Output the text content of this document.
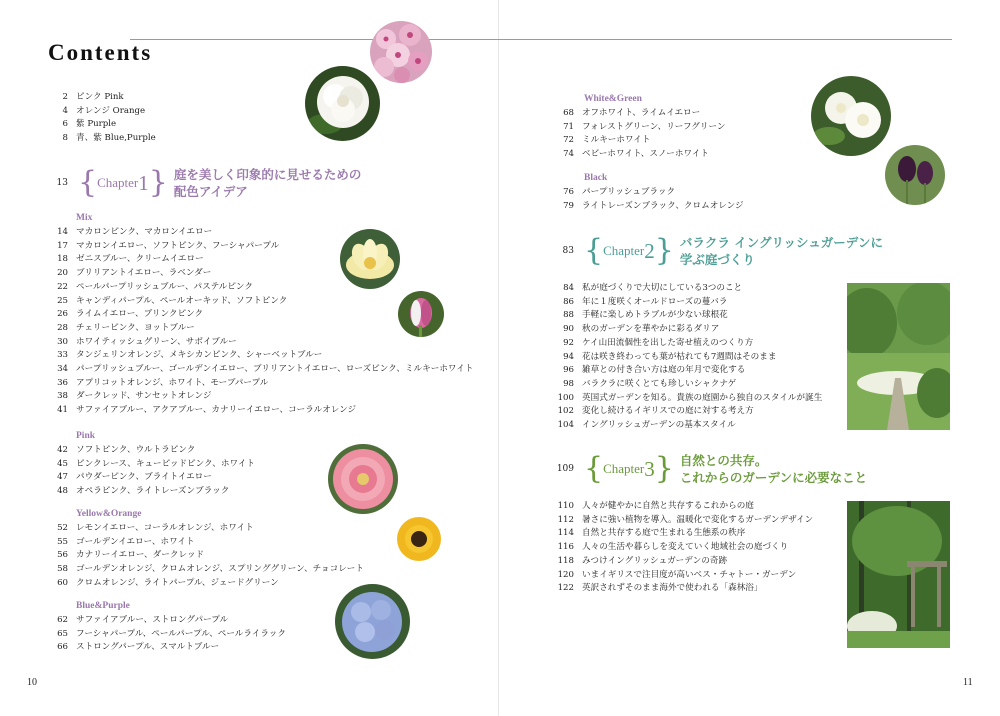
Contents
2 ピンク Pink
4 オレンジ Orange
6 紫 Purple
8 青、紫 Blue,Purple
13 { Chapter 1 } 庭を美しく印象的に見せるための
配色アイデア
Mix
14 マカロンピンク、マカロンイエロー
17 マカロンイエロー、ソフトピンク、フーシャパープル
18 ゼニスブルー、クリームイエロー
20 ブリリアントイエロー、ラベンダー
22 ペールパープリッシュブルー、パステルピンク
25 キャンディパープル、ペールオーキッド、ソフトピンク
26 ライムイエロー、ブリンクピンク
28 チェリーピンク、ヨットブルー
30 ホワイティッシュグリーン、サボイブルー
33 タンジェリンオレンジ、メキシカンピンク、シャーベットブルー
34 パープリッシュブルー、ゴールデンイエロー、ブリリアントイエロー、ローズピンク、ミルキーホワイト
36 アプリコットオレンジ、ホワイト、モーブパープル
38 ダークレッド、サンセットオレンジ
41 サファイアブルー、アクアブルー、カナリーイエロー、コーラルオレンジ
Pink
42 ソフトピンク、ウルトラピンク
45 ピンクレース、キューピッドピンク、ホワイト
47 パウダーピンク、ブライトイエロー
48 オペラピンク、ライトレーズンブラック
Yellow&Orange
52 レモンイエロー、コーラルオレンジ、ホワイト
55 ゴールデンイエロー、ホワイト
56 カナリーイエロー、ダークレッド
58 ゴールデンオレンジ、クロムオレンジ、スプリンググリーン、チョコレート
60 クロムオレンジ、ライトパープル、ジェードグリーン
Blue&Purple
62 サファイアブルー、ストロングパープル
65 フーシャパープル、ペールパープル、ペールライラック
66 ストロングパープル、スマルトブルー
White&Green
68 オフホワイト、ライムイエロー
71 フォレストグリーン、リーフグリーン
72 ミルキーホワイト
74 ベビーホワイト、スノーホワイト
Black
76 パープリッシュブラック
79 ライトレーズンブラック、クロムオレンジ
83 { Chapter 2 } バラクラ イングリッシュガーデンに
学ぶ庭づくり
84 私が庭づくりで大切にしている3つのこと
86 年に１度咲くオールドローズの蔓バラ
88 手軽に楽しめトラブルが少ない球根花
90 秋のガーデンを華やかに彩るダリア
92 ケイ山田流個性を出した寄せ植えのつくり方
94 花は咲き終わっても葉が枯れても7週間はそのまま
96 雑草との付き合い方は庭の年月で変化する
98 バラクラに咲くとても珍しいシャクナゲ
100 英国式ガーデンを知る。貴族の庭園から独自のスタイルが誕生
102 変化し続けるイギリスでの庭に対する考え方
104 イングリッシュガーデンの基本スタイル
109 { Chapter 3 } 自然との共存。
これからのガーデンに必要なこと
110 人々が健やかに自然と共存するこれからの庭
112 暑さに強い植物を導入。温暖化で変化するガーデンデザイン
114 自然と共存する庭で生まれる生態系の秩序
116 人々の生活や暮らしを変えていく地域社会の庭づくり
118 みつけイングリッシュガーデンの奇跡
120 いまイギリスで注目度が高いベス・チャトー・ガーデン
122 英訳されずそのまま海外で使われる「森林浴」
10	11
